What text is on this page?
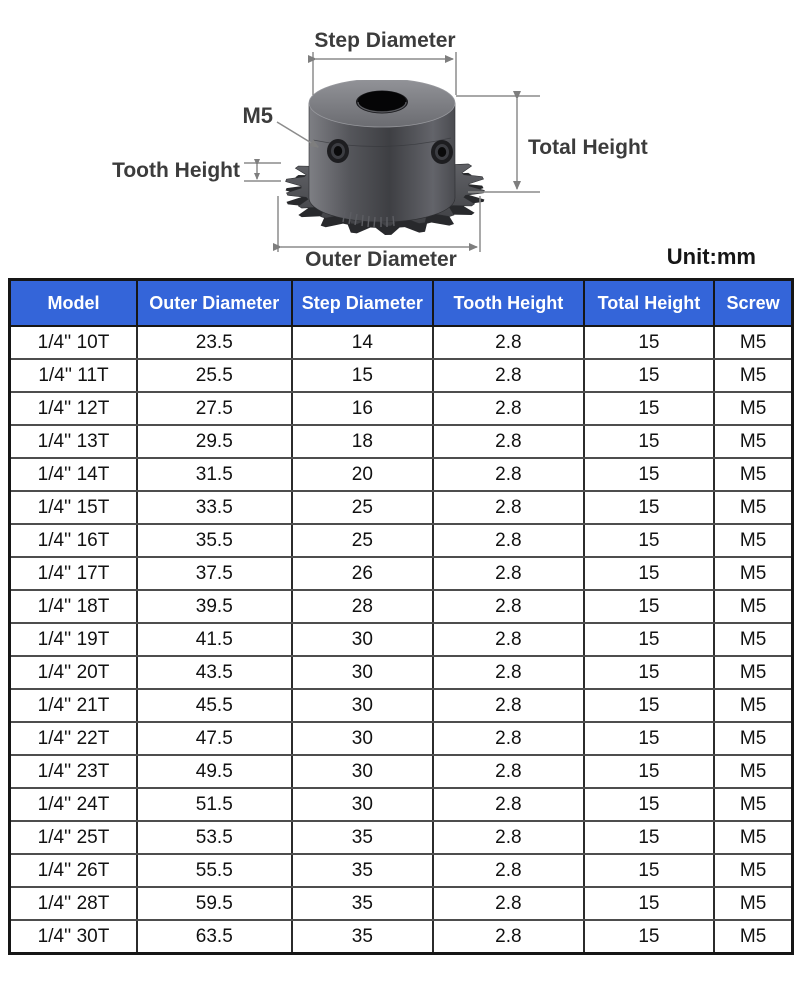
Step Diameter
M5
Tooth Height
Total Height
Outer Diameter	Unit:mm
Model	Outer Diameter	Step Diameter	Tooth Height	Total Height	Screw
1/4'' 10T	23.5	14	2.8	15	M5
1/4'' 11T	25.5	15	2.8	15	M5
1/4'' 12T	27.5	16	2.8	15	M5
1/4'' 13T	29.5	18	2.8	15	M5
1/4'' 14T	31.5	20	2.8	15	M5
1/4'' 15T	33.5	25	2.8	15	M5
1/4'' 16T	35.5	25	2.8	15	M5
1/4'' 17T	37.5	26	2.8	15	M5
1/4'' 18T	39.5	28	2.8	15	M5
1/4'' 19T	41.5	30	2.8	15	M5
1/4'' 20T	43.5	30	2.8	15	M5
1/4'' 21T	45.5	30	2.8	15	M5
1/4'' 22T	47.5	30	2.8	15	M5
1/4'' 23T	49.5	30	2.8	15	M5
1/4'' 24T	51.5	30	2.8	15	M5
1/4'' 25T	53.5	35	2.8	15	M5
1/4'' 26T	55.5	35	2.8	15	M5
1/4'' 28T	59.5	35	2.8	15	M5
1/4'' 30T	63.5	35	2.8	15	M5
